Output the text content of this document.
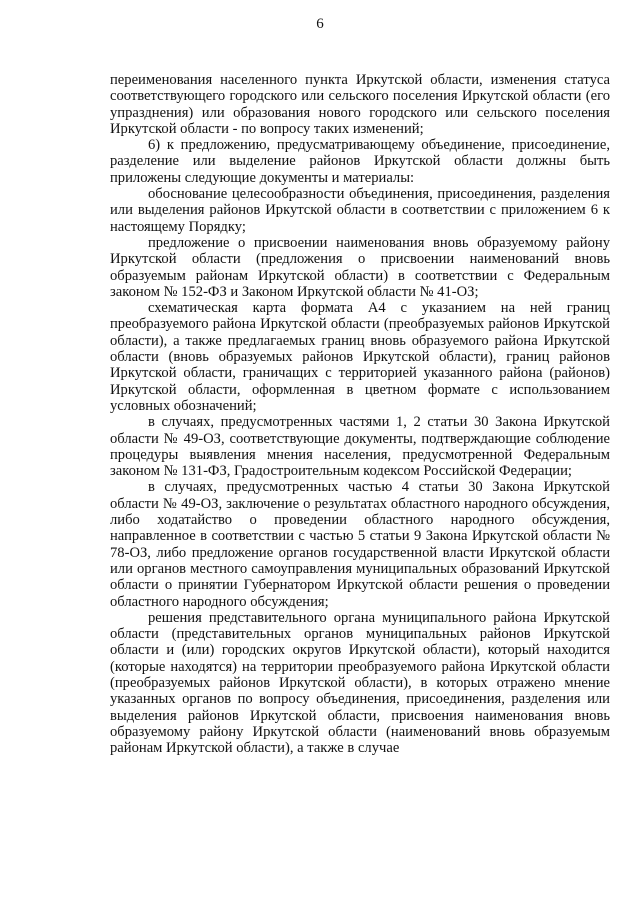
6

переименования населенного пункта Иркутской области, изменения статуса соответствующего городского или сельского поселения Иркутской области (его упразднения) или образования нового городского или сельского поселения Иркутской области - по вопросу таких изменений;

6) к предложению, предусматривающему объединение, присоединение, разделение или выделение районов Иркутской области должны быть приложены следующие документы и материалы:

обоснование целесообразности объединения, присоединения, разделения или выделения районов Иркутской области в соответствии с приложением 6 к настоящему Порядку;

предложение о присвоении наименования вновь образуемому району Иркутской области (предложения о присвоении наименований вновь образуемым районам Иркутской области) в соответствии с Федеральным законом № 152-ФЗ и Законом Иркутской области № 41-ОЗ;

схематическая карта формата А4 с указанием на ней границ преобразуемого района Иркутской области (преобразуемых районов Иркутской области), а также предлагаемых границ вновь образуемого района Иркутской области (вновь образуемых районов Иркутской области), границ районов Иркутской области, граничащих с территорией указанного района (районов) Иркутской области, оформленная в цветном формате с использованием условных обозначений;

в случаях, предусмотренных частями 1, 2 статьи 30 Закона Иркутской области № 49-ОЗ, соответствующие документы, подтверждающие соблюдение процедуры выявления мнения населения, предусмотренной Федеральным законом № 131-ФЗ, Градостроительным кодексом Российской Федерации;

в случаях, предусмотренных частью 4 статьи 30 Закона Иркутской области № 49-ОЗ, заключение о результатах областного народного обсуждения, либо ходатайство о проведении областного народного обсуждения, направленное в соответствии с частью 5 статьи 9 Закона Иркутской области № 78-ОЗ, либо предложение органов государственной власти Иркутской области или органов местного самоуправления муниципальных образований Иркутской области о принятии Губернатором Иркутской области решения о проведении областного народного обсуждения;

решения представительного органа муниципального района Иркутской области (представительных органов муниципальных районов Иркутской области и (или) городских округов Иркутской области), который находится (которые находятся) на территории преобразуемого района Иркутской области (преобразуемых районов Иркутской области), в которых отражено мнение указанных органов по вопросу объединения, присоединения, разделения или выделения районов Иркутской области, присвоения наименования вновь образуемому району Иркутской области (наименований вновь образуемым районам Иркутской области), а также в случае
